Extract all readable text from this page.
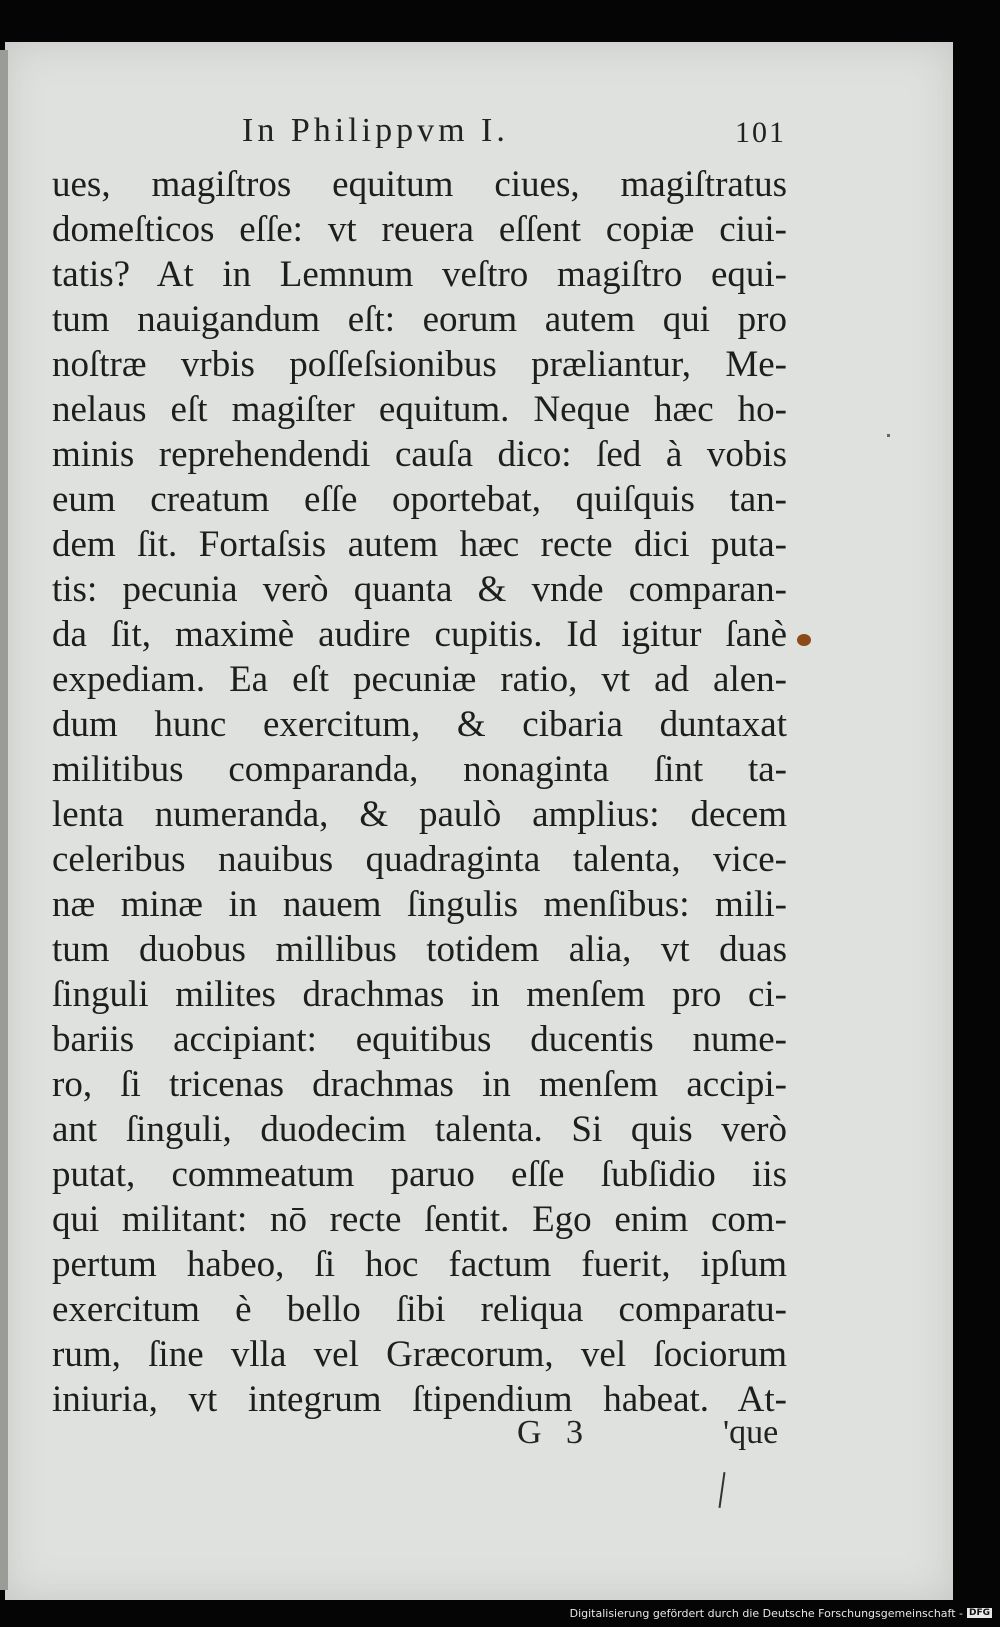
In Philippvm I.	101
ues, magiſtros equitum ciues, magiſtratus
domeſticos eſſe: vt reuera eſſent copiæ ciui-
tatis? At in Lemnum veſtro magiſtro equi-
tum nauigandum eſt: eorum autem qui pro
noſtræ vrbis poſſeſsionibus præliantur, Me-
nelaus eſt magiſter equitum. Neque hæc ho-
minis reprehendendi cauſa dico: ſed à vobis
eum creatum eſſe oportebat, quiſquis tan-
dem ſit. Fortaſsis autem hæc recte dici puta-
tis: pecunia verò quanta & vnde comparan-
da ſit, maximè audire cupitis. Id igitur ſanè
expediam. Ea eſt pecuniæ ratio, vt ad alen-
dum hunc exercitum, & cibaria duntaxat
militibus comparanda, nonaginta ſint ta-
lenta numeranda, & paulò amplius: decem
celeribus nauibus quadraginta talenta, vice-
næ minæ in nauem ſingulis menſibus: mili-
tum duobus millibus totidem alia, vt duas
ſinguli milites drachmas in menſem pro ci-
bariis accipiant: equitibus ducentis nume-
ro, ſi tricenas drachmas in menſem accipi-
ant ſinguli, duodecim talenta. Si quis verò
putat, commeatum paruo eſſe ſubſidio iis
qui militant: nō recte ſentit. Ego enim com-
pertum habeo, ſi hoc factum fuerit, ipſum
exercitum è bello ſibi reliqua comparatu-
rum, ſine vlla vel Græcorum, vel ſociorum
iniuria, vt integrum ſtipendium habeat. At-
G 3	'que
Digitalisierung gefördert durch die Deutsche Forschungsgemeinschaft - DFG
